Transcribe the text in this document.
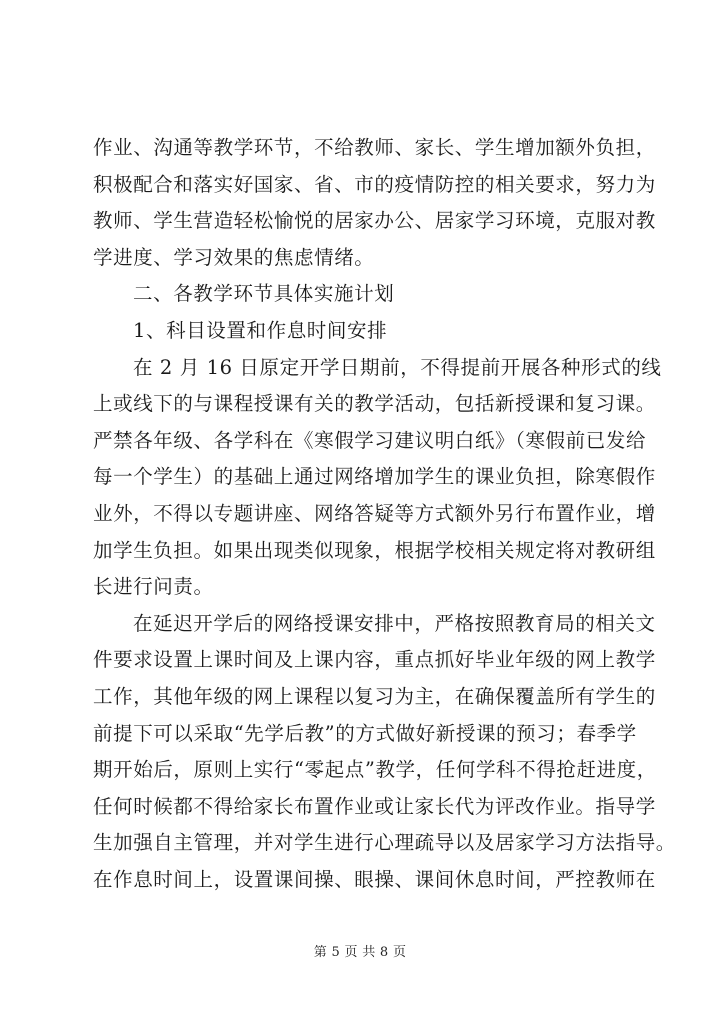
作业、沟通等教学环节，不给教师、家长、学生增加额外负担，
积极配合和落实好国家、省、市的疫情防控的相关要求，努力为
教师、学生营造轻松愉悦的居家办公、居家学习环境，克服对教
学进度、学习效果的焦虑情绪。

二、各教学环节具体实施计划

1、科目设置和作息时间安排

在 2 月 16 日原定开学日期前，不得提前开展各种形式的线
上或线下的与课程授课有关的教学活动，包括新授课和复习课。
严禁各年级、各学科在《寒假学习建议明白纸》（寒假前已发给
每一个学生）的基础上通过网络增加学生的课业负担，除寒假作
业外，不得以专题讲座、网络答疑等方式额外另行布置作业，增
加学生负担。如果出现类似现象，根据学校相关规定将对教研组
长进行问责。

在延迟开学后的网络授课安排中，严格按照教育局的相关文
件要求设置上课时间及上课内容，重点抓好毕业年级的网上教学
工作，其他年级的网上课程以复习为主，在确保覆盖所有学生的
前提下可以采取“先学后教”的方式做好新授课的预习；春季学
期开始后，原则上实行“零起点”教学，任何学科不得抢赶进度，
任何时候都不得给家长布置作业或让家长代为评改作业。指导学
生加强自主管理，并对学生进行心理疏导以及居家学习方法指导。
在作息时间上，设置课间操、眼操、课间休息时间，严控教师在

第 5 页 共 8 页
